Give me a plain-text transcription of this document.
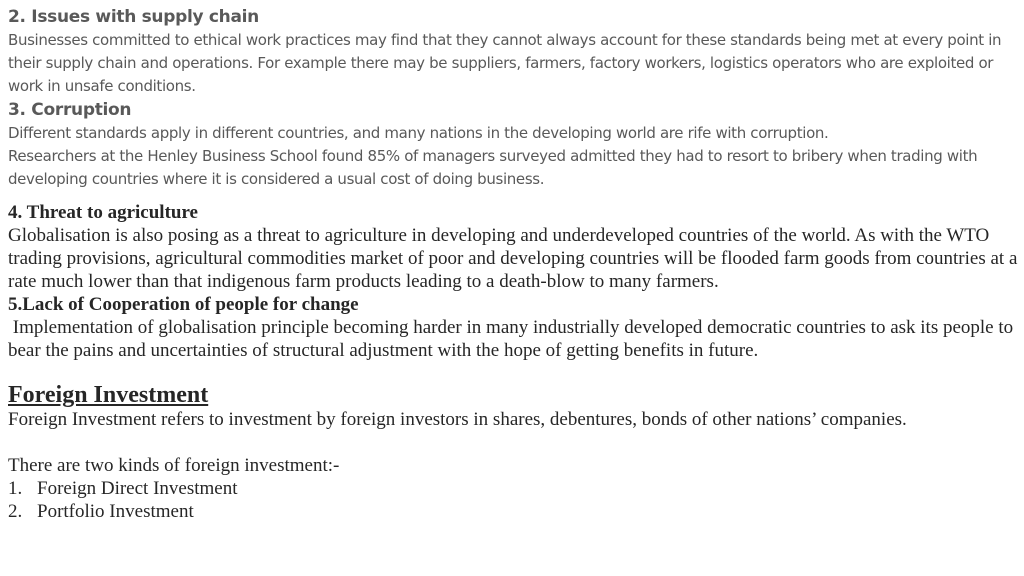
2. Issues with supply chain

Businesses committed to ethical work practices may find that they cannot always account for these standards being met at every point in their supply chain and operations. For example there may be suppliers, farmers, factory workers, logistics operators who are exploited or work in unsafe conditions.

3. Corruption

Different standards apply in different countries, and many nations in the developing world are rife with corruption.

Researchers at the Henley Business School found 85% of managers surveyed admitted they had to resort to bribery when trading with developing countries where it is considered a usual cost of doing business.

4. Threat to agriculture

Globalisation is also posing as a threat to agriculture in developing and underdeveloped countries of the world. As with the WTO trading provisions, agricultural commodities market of poor and developing countries will be flooded farm goods from countries at a rate much lower than that indigenous farm products leading to a death-blow to many farmers.

5.Lack of Cooperation of people for change

Implementation of globalisation principle becoming harder in many industrially developed democratic countries to ask its people to bear the pains and uncertainties of structural adjustment with the hope of getting benefits in future.

Foreign Investment

Foreign Investment refers to investment by foreign investors in shares, debentures, bonds of other nations’ companies.

There are two kinds of foreign investment:-

1. Foreign Direct Investment
2. Portfolio Investment
